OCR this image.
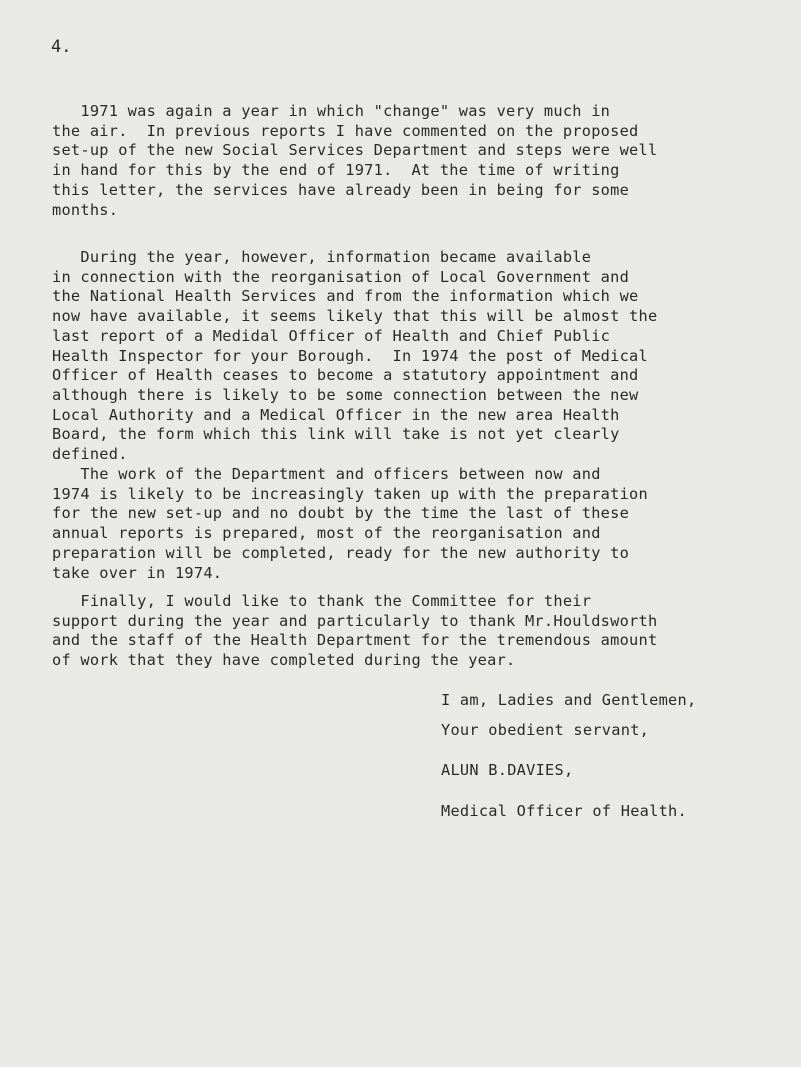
4.

1971 was again a year in which "change" was very much in
the air.  In previous reports I have commented on the proposed
set-up of the new Social Services Department and steps were well
in hand for this by the end of 1971.  At the time of writing
this letter, the services have already been in being for some
months.

During the year, however, information became available
in connection with the reorganisation of Local Government and
the National Health Services and from the information which we
now have available, it seems likely that this will be almost the
last report of a Medidal Officer of Health and Chief Public
Health Inspector for your Borough.  In 1974 the post of Medical
Officer of Health ceases to become a statutory appointment and
although there is likely to be some connection between the new
Local Authority and a Medical Officer in the new area Health
Board, the form which this link will take is not yet clearly
defined.

The work of the Department and officers between now and
1974 is likely to be increasingly taken up with the preparation
for the new set-up and no doubt by the time the last of these
annual reports is prepared, most of the reorganisation and
preparation will be completed, ready for the new authority to
take over in 1974.

Finally, I would like to thank the Committee for their
support during the year and particularly to thank Mr.Houldsworth
and the staff of the Health Department for the tremendous amount
of work that they have completed during the year.

I am, Ladies and Gentlemen,
Your obedient servant,
ALUN B.DAVIES,
Medical Officer of Health.
